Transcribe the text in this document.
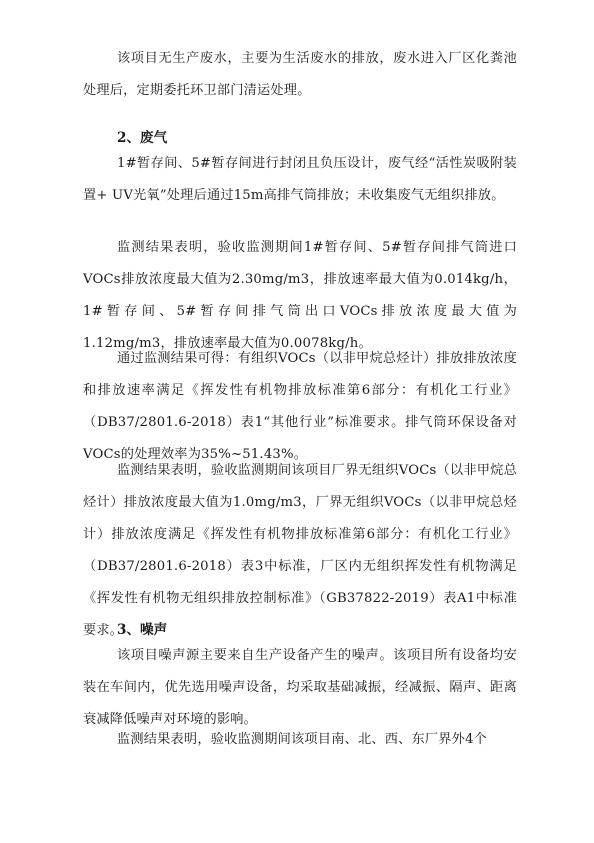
该项目无生产废水，主要为生活废水的排放，废水进入厂区化粪池处理后，定期委托环卫部门清运处理。
2、废气
1#暂存间、5#暂存间进行封闭且负压设计，废气经“活性炭吸附装置+ UV光氧”处理后通过15m高排气筒排放；未收集废气无组织排放。
监测结果表明，验收监测期间1#暂存间、5#暂存间排气筒进口VOCs排放浓度最大值为2.30mg/m3，排放速率最大值为0.014kg/h，1#暂存间、5#暂存间排气筒出口VOCs排放浓度最大值为1.12mg/m3，排放速率最大值为0.0078kg/h。
通过监测结果可得：有组织VOCs（以非甲烷总烃计）排放排放浓度和排放速率满足《挥发性有机物排放标准第6部分：有机化工行业》（DB37/2801.6-2018）表1“其他行业”标准要求。排气筒环保设备对VOCs的处理效率为35%~51.43%。
监测结果表明，验收监测期间该项目厂界无组织VOCs（以非甲烷总烃计）排放浓度最大值为1.0mg/m3，厂界无组织VOCs（以非甲烷总烃计）排放浓度满足《挥发性有机物排放标准第6部分：有机化工行业》（DB37/2801.6-2018）表3中标准，厂区内无组织挥发性有机物满足《挥发性有机物无组织排放控制标准》（GB37822-2019）表A1中标准要求。
3、噪声
该项目噪声源主要来自生产设备产生的噪声。该项目所有设备均安装在车间内，优先选用噪声设备，均采取基础减振，经减振、隔声、距离衰减降低噪声对环境的影响。
监测结果表明，验收监测期间该项目南、北、西、东厂界外4个
